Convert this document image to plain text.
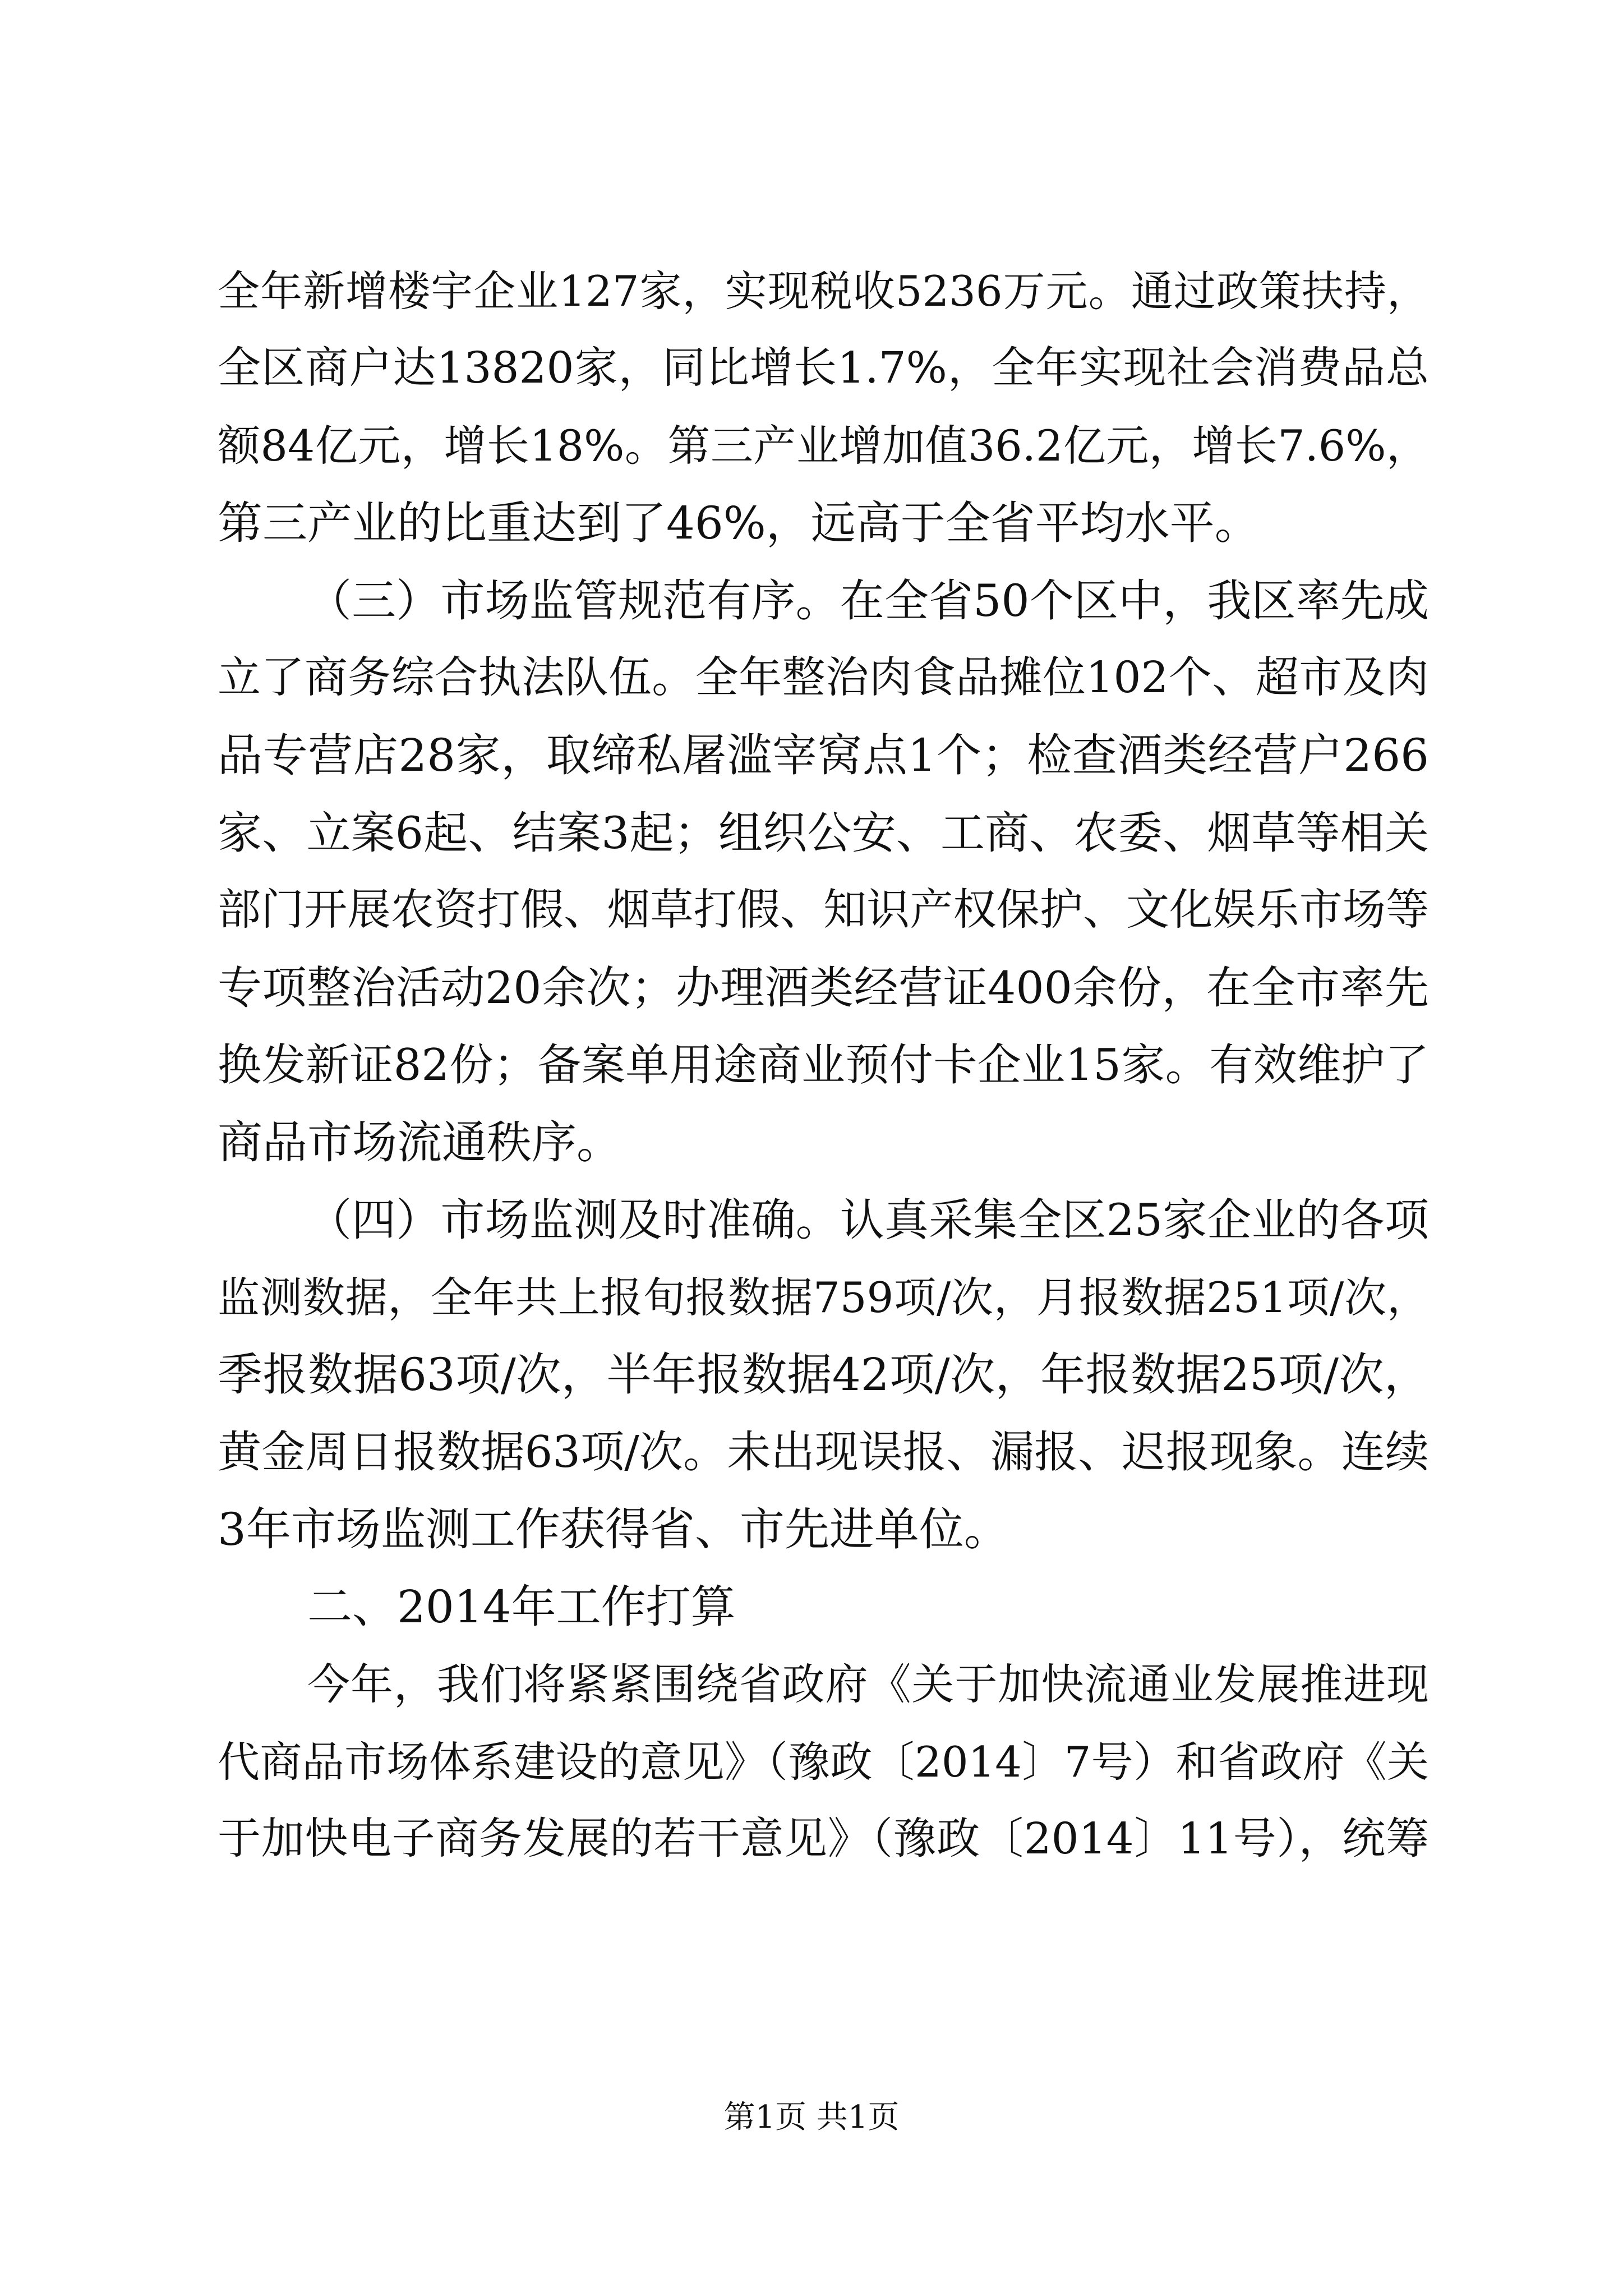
全年新增楼宇企业127家，实现税收5236万元。通过政策扶持，
全区商户达13820家，同比增长1.7%，全年实现社会消费品总
额84亿元，增长18%。第三产业增加值36.2亿元，增长7.6%，
第三产业的比重达到了46%，远高于全省平均水平。
（三）市场监管规范有序。在全省50个区中，我区率先成
立了商务综合执法队伍。全年整治肉食品摊位102个、超市及肉
品专营店28家，取缔私屠滥宰窝点1个；检查酒类经营户266
家、立案6起、结案3起；组织公安、工商、农委、烟草等相关
部门开展农资打假、烟草打假、知识产权保护、文化娱乐市场等
专项整治活动20余次；办理酒类经营证400余份，在全市率先
换发新证82份；备案单用途商业预付卡企业15家。有效维护了
商品市场流通秩序。
（四）市场监测及时准确。认真采集全区25家企业的各项
监测数据，全年共上报旬报数据759项/次，月报数据251项/次，
季报数据63项/次，半年报数据42项/次，年报数据25项/次，
黄金周日报数据63项/次。未出现误报、漏报、迟报现象。连续
3年市场监测工作获得省、市先进单位。
二、2014年工作打算
今年，我们将紧紧围绕省政府《关于加快流通业发展推进现
代商品市场体系建设的意见》（豫政〔2014〕7号）和省政府《关
于加快电子商务发展的若干意见》（豫政〔2014〕11号），统筹
第1页 共1页
